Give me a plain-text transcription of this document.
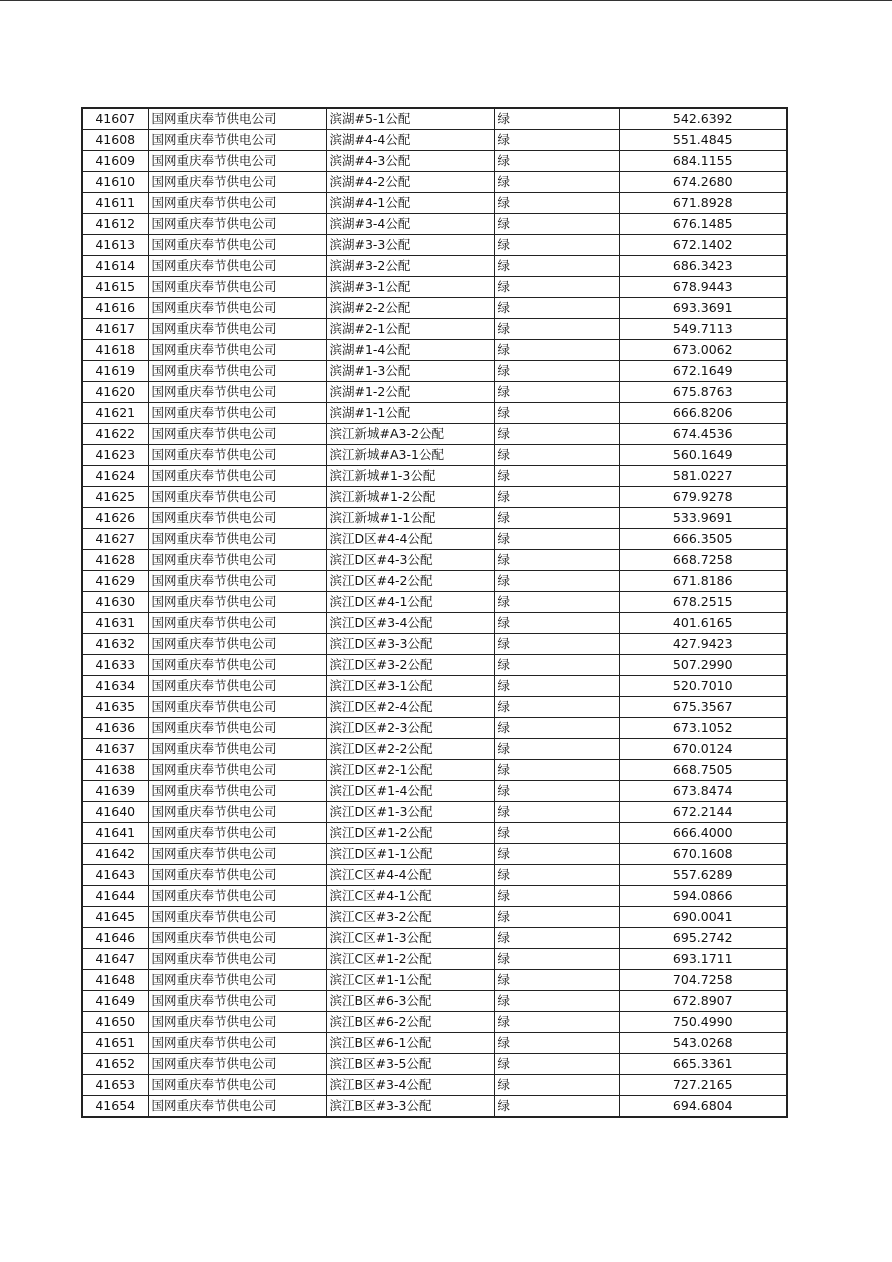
41607	国网重庆奉节供电公司	滨湖#5-1公配	绿	542.6392
41608	国网重庆奉节供电公司	滨湖#4-4公配	绿	551.4845
41609	国网重庆奉节供电公司	滨湖#4-3公配	绿	684.1155
41610	国网重庆奉节供电公司	滨湖#4-2公配	绿	674.2680
41611	国网重庆奉节供电公司	滨湖#4-1公配	绿	671.8928
41612	国网重庆奉节供电公司	滨湖#3-4公配	绿	676.1485
41613	国网重庆奉节供电公司	滨湖#3-3公配	绿	672.1402
41614	国网重庆奉节供电公司	滨湖#3-2公配	绿	686.3423
41615	国网重庆奉节供电公司	滨湖#3-1公配	绿	678.9443
41616	国网重庆奉节供电公司	滨湖#2-2公配	绿	693.3691
41617	国网重庆奉节供电公司	滨湖#2-1公配	绿	549.7113
41618	国网重庆奉节供电公司	滨湖#1-4公配	绿	673.0062
41619	国网重庆奉节供电公司	滨湖#1-3公配	绿	672.1649
41620	国网重庆奉节供电公司	滨湖#1-2公配	绿	675.8763
41621	国网重庆奉节供电公司	滨湖#1-1公配	绿	666.8206
41622	国网重庆奉节供电公司	滨江新城#A3-2公配	绿	674.4536
41623	国网重庆奉节供电公司	滨江新城#A3-1公配	绿	560.1649
41624	国网重庆奉节供电公司	滨江新城#1-3公配	绿	581.0227
41625	国网重庆奉节供电公司	滨江新城#1-2公配	绿	679.9278
41626	国网重庆奉节供电公司	滨江新城#1-1公配	绿	533.9691
41627	国网重庆奉节供电公司	滨江D区#4-4公配	绿	666.3505
41628	国网重庆奉节供电公司	滨江D区#4-3公配	绿	668.7258
41629	国网重庆奉节供电公司	滨江D区#4-2公配	绿	671.8186
41630	国网重庆奉节供电公司	滨江D区#4-1公配	绿	678.2515
41631	国网重庆奉节供电公司	滨江D区#3-4公配	绿	401.6165
41632	国网重庆奉节供电公司	滨江D区#3-3公配	绿	427.9423
41633	国网重庆奉节供电公司	滨江D区#3-2公配	绿	507.2990
41634	国网重庆奉节供电公司	滨江D区#3-1公配	绿	520.7010
41635	国网重庆奉节供电公司	滨江D区#2-4公配	绿	675.3567
41636	国网重庆奉节供电公司	滨江D区#2-3公配	绿	673.1052
41637	国网重庆奉节供电公司	滨江D区#2-2公配	绿	670.0124
41638	国网重庆奉节供电公司	滨江D区#2-1公配	绿	668.7505
41639	国网重庆奉节供电公司	滨江D区#1-4公配	绿	673.8474
41640	国网重庆奉节供电公司	滨江D区#1-3公配	绿	672.2144
41641	国网重庆奉节供电公司	滨江D区#1-2公配	绿	666.4000
41642	国网重庆奉节供电公司	滨江D区#1-1公配	绿	670.1608
41643	国网重庆奉节供电公司	滨江C区#4-4公配	绿	557.6289
41644	国网重庆奉节供电公司	滨江C区#4-1公配	绿	594.0866
41645	国网重庆奉节供电公司	滨江C区#3-2公配	绿	690.0041
41646	国网重庆奉节供电公司	滨江C区#1-3公配	绿	695.2742
41647	国网重庆奉节供电公司	滨江C区#1-2公配	绿	693.1711
41648	国网重庆奉节供电公司	滨江C区#1-1公配	绿	704.7258
41649	国网重庆奉节供电公司	滨江B区#6-3公配	绿	672.8907
41650	国网重庆奉节供电公司	滨江B区#6-2公配	绿	750.4990
41651	国网重庆奉节供电公司	滨江B区#6-1公配	绿	543.0268
41652	国网重庆奉节供电公司	滨江B区#3-5公配	绿	665.3361
41653	国网重庆奉节供电公司	滨江B区#3-4公配	绿	727.2165
41654	国网重庆奉节供电公司	滨江B区#3-3公配	绿	694.6804
